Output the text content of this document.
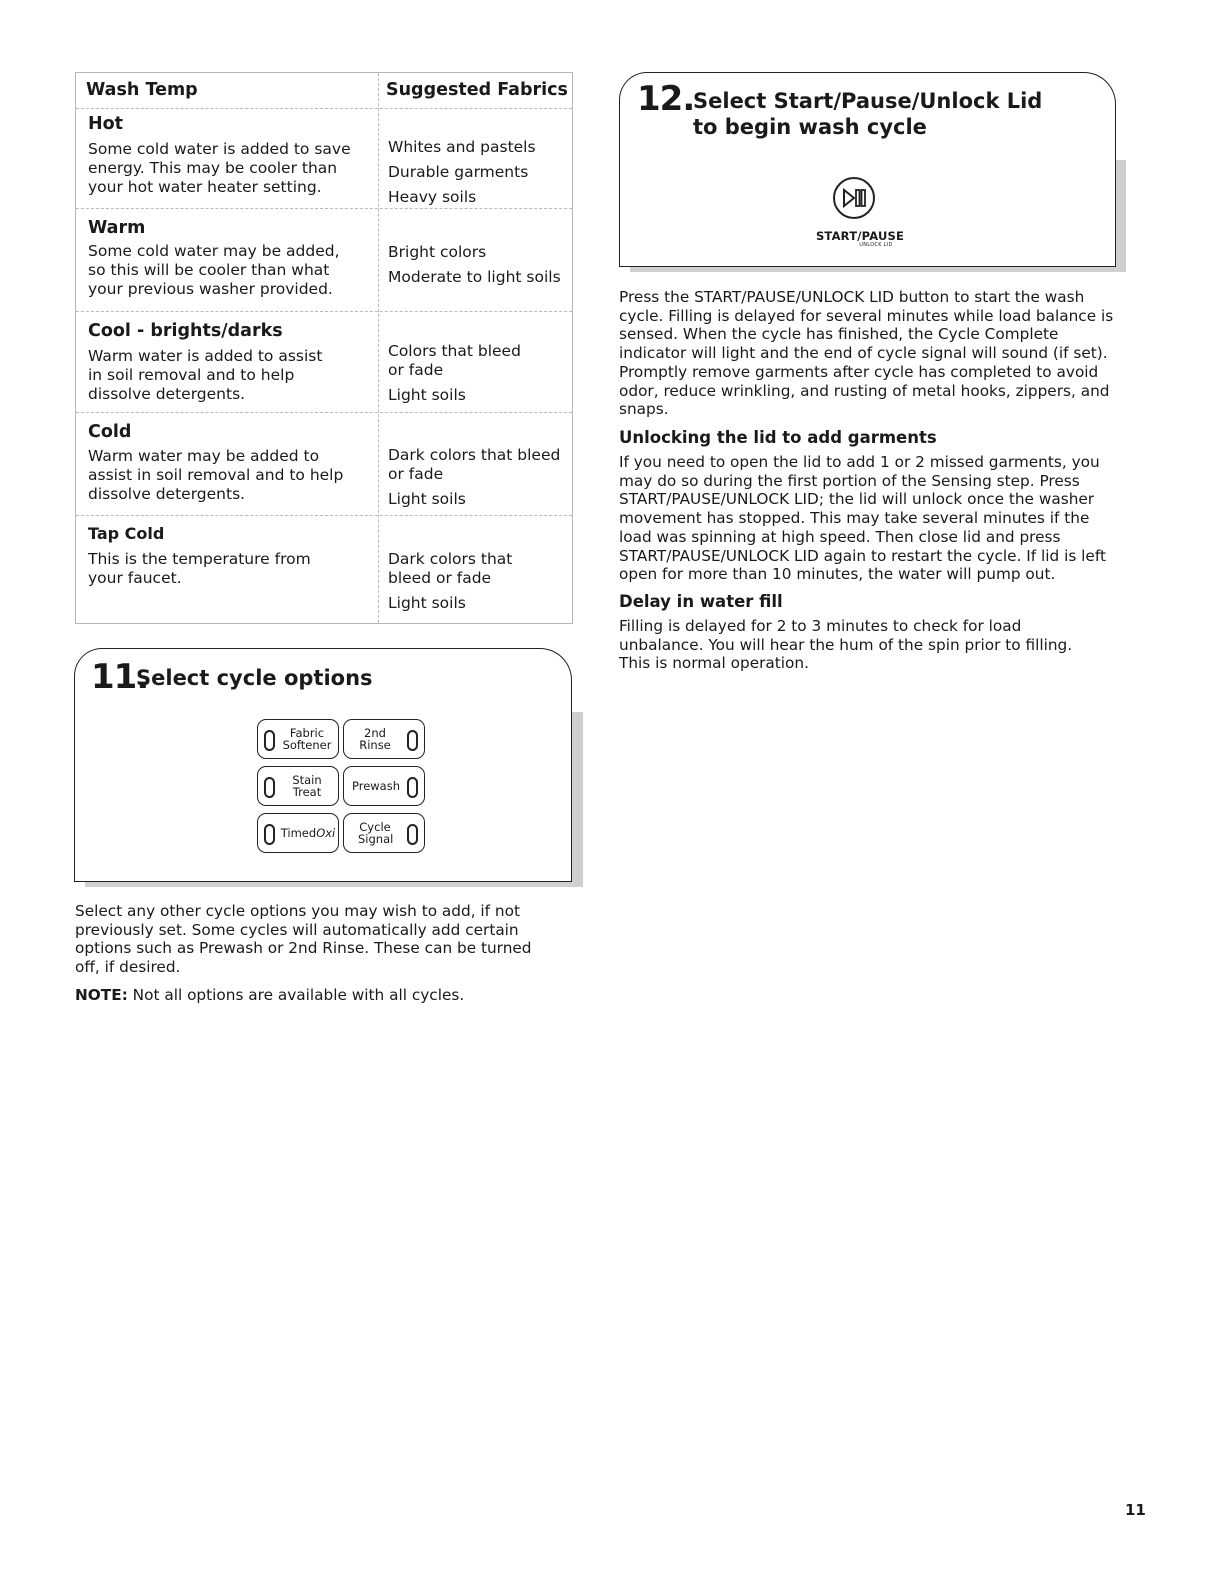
Wash Temp	Suggested Fabrics
Hot
Some cold water is added to save energy. This may be cooler than your hot water heater setting.
Whites and pastels
Durable garments
Heavy soils
Warm
Some cold water may be added, so this will be cooler than what your previous washer provided.
Bright colors
Moderate to light soils
Cool - brights/darks
Warm water is added to assist in soil removal and to help dissolve detergents.
Colors that bleed or fade
Light soils
Cold
Warm water may be added to assist in soil removal and to help dissolve detergents.
Dark colors that bleed or fade
Light soils
Tap Cold
This is the temperature from your faucet.
Dark colors that bleed or fade
Light soils
Fabric Softener
2nd Rinse
Stain Treat	Prewash
TimedOxi Cycle Signal
11.
Select cycle options
Select any other cycle options you may wish to add, if not previously set. Some cycles will automatically add certain options such as Prewash or 2nd Rinse. These can be turned off, if desired.
NOTE: Not all options are available with all cycles.
START/PAUSE
UNLOCK LID
12.
Select Start/Pause/Unlock Lid
to begin wash cycle
Press the START/PAUSE/UNLOCK LID button to start the wash cycle. Filling is delayed for several minutes while load balance is sensed. When the cycle has finished, the Cycle Complete indicator will light and the end of cycle signal will sound (if set). Promptly remove garments after cycle has completed to avoid odor, reduce wrinkling, and rusting of metal hooks, zippers, and snaps.
Unlocking the lid to add garments
If you need to open the lid to add 1 or 2 missed garments, you may do so during the first portion of the Sensing step. Press START/PAUSE/UNLOCK LID; the lid will unlock once the washer movement has stopped. This may take several minutes if the load was spinning at high speed. Then close lid and press START/PAUSE/UNLOCK LID again to restart the cycle. If lid is left open for more than 10 minutes, the water will pump out.
Delay in water fill
Filling is delayed for 2 to 3 minutes to check for load unbalance. You will hear the hum of the spin prior to filling. This is normal operation.
11
